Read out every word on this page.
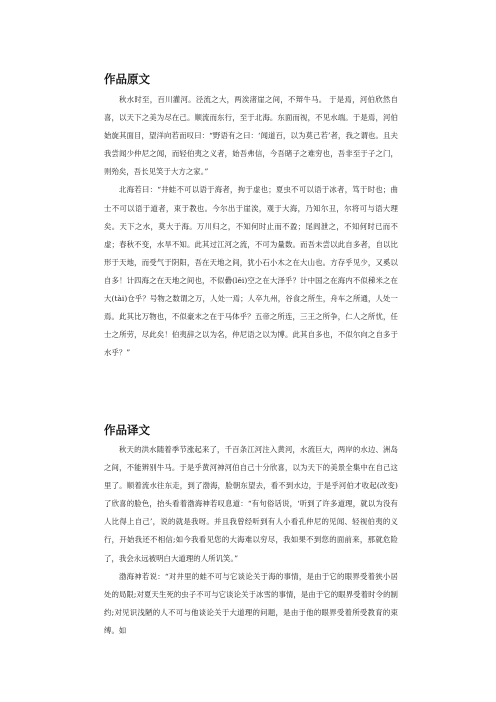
作品原文

秋水时至，百川灌河。泾流之大，两涘渚崖之间，不辩牛马。 于是焉，河伯欣然自喜，以天下之美为尽在己。顺流而东行，至于北海。东面而视，不见水端。于是焉，河伯始旋其面目，望洋向若而叹曰：“野语有之曰：‘闻道百，以为莫己若’者，我之谓也。且夫我尝闻少仲尼之闻，而轻伯夷之义者，始吾弗信，今吾睹子之难穷也，吾非至于子之门，则殆矣，吾长见笑于大方之家。”

北海若曰：“井蛙不可以语于海者，拘于虚也；夏虫不可以语于冰者，笃于时也；曲士不可以语于道者，束于教也。今尔出于崖涘，观于大海，乃知尔丑，尔将可与语大理矣。天下之水，莫大于海。万川归之，不知何时止而不盈；尾闾泄之，不知何时已而不虚；春秋不变，水旱不知。此其过江河之流，不可为量数。而吾未尝以此自多者，自以比形于天地，而受气于阴阳，吾在天地之间，犹小石小木之在大山也。方存乎见少，又奚以自多！计四海之在天地之间也，不似礨(lěi)空之在大泽乎？计中国之在海内不似稊米之在大(tài)仓乎？号物之数谓之万，人处一焉；人卒九州，谷食之所生，舟车之所通，人处一焉。此其比万物也，不似豪末之在于马体乎？五帝之所连，三王之所争，仁人之所忧，任士之所劳，尽此矣！伯夷辞之以为名，仲尼语之以为博。此其自多也，不似尔向之自多于水乎？”

作品译文

秋天的洪水随着季节涨起来了，千百条江河注入黄河，水流巨大，两岸的水边、洲岛之间，不能辨别牛马。于是乎黄河神河伯自己十分欣喜，以为天下的美景全集中在自己这里了。顺着流水往东走，到了渤海，脸朝东望去，看不到水边，于是乎河伯才收起(改变)了欣喜的脸色，抬头看着渤海神若叹息道：“有句俗话说，‘听到了许多道理，就以为没有人比得上自己’，说的就是我呀。并且我曾经听到有人小看孔仲尼的见闻、轻视伯夷的义行，开始我还不相信;如今我看见您的大海难以穷尽，我如果不到您的面前来，那就危险了，我会永远被明白大道理的人所讥笑。”

渤海神若说：“对井里的蛙不可与它谈论关于海的事情，是由于它的眼界受着狭小居处的局限;对夏天生死的虫子不可与它谈论关于冰雪的事情，是由于它的眼界受着时令的制约;对见识浅陋的人不可与他谈论关于大道理的问题，是由于他的眼界受着所受教育的束缚。如
